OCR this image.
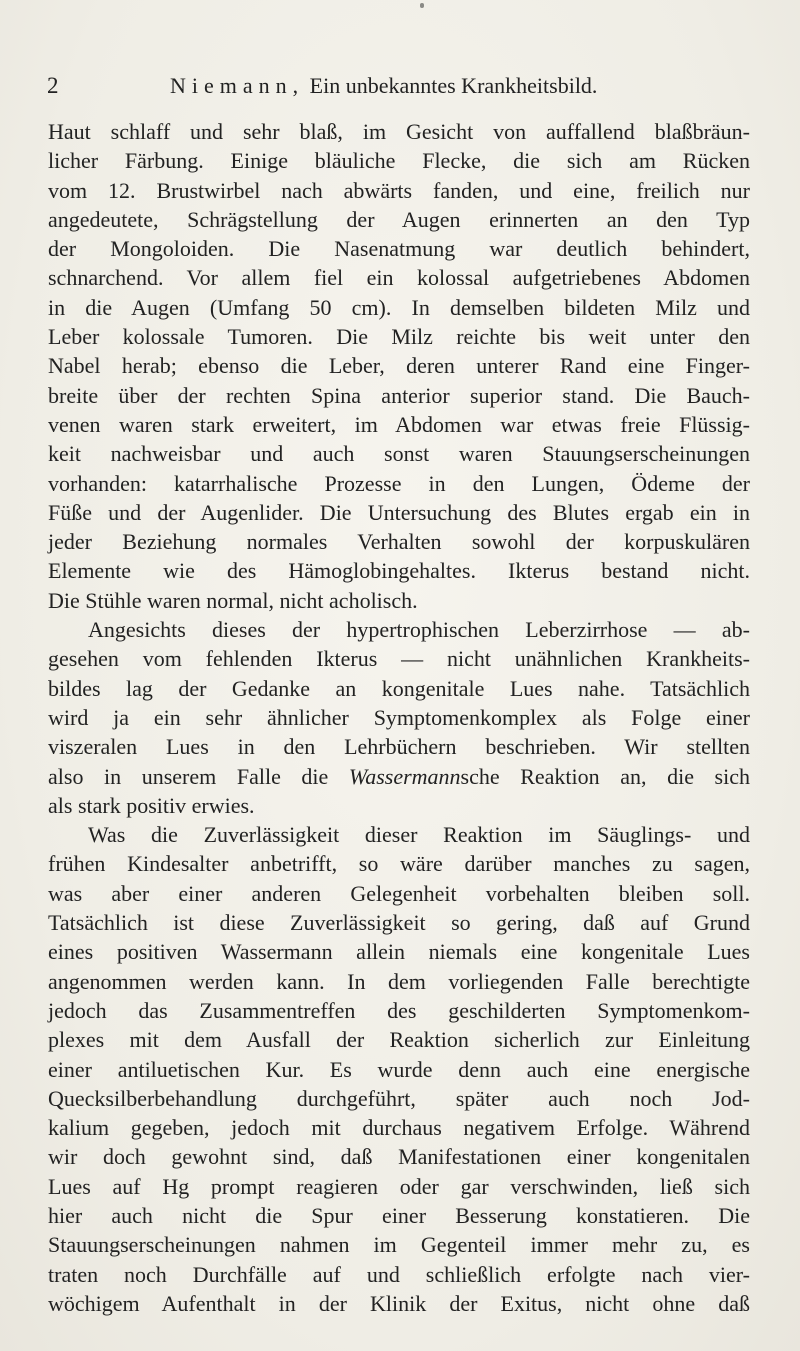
2	Niemann, Ein unbekanntes Krankheitsbild.
Haut schlaff und sehr blaß, im Gesicht von auffallend blaßbräun-
licher Färbung. Einige bläuliche Flecke, die sich am Rücken
vom 12. Brustwirbel nach abwärts fanden, und eine, freilich nur
angedeutete, Schrägstellung der Augen erinnerten an den Typ
der Mongoloiden. Die Nasenatmung war deutlich behindert,
schnarchend. Vor allem fiel ein kolossal aufgetriebenes Abdomen
in die Augen (Umfang 50 cm). In demselben bildeten Milz und
Leber kolossale Tumoren. Die Milz reichte bis weit unter den
Nabel herab; ebenso die Leber, deren unterer Rand eine Finger-
breite über der rechten Spina anterior superior stand. Die Bauch-
venen waren stark erweitert, im Abdomen war etwas freie Flüssig-
keit nachweisbar und auch sonst waren Stauungserscheinungen
vorhanden: katarrhalische Prozesse in den Lungen, Ödeme der
Füße und der Augenlider. Die Untersuchung des Blutes ergab ein in
jeder Beziehung normales Verhalten sowohl der korpuskulären
Elemente wie des Hämoglobingehaltes. Ikterus bestand nicht.
Die Stühle waren normal, nicht acholisch.
Angesichts dieses der hypertrophischen Leberzirrhose — ab-
gesehen vom fehlenden Ikterus — nicht unähnlichen Krankheits-
bildes lag der Gedanke an kongenitale Lues nahe. Tatsächlich
wird ja ein sehr ähnlicher Symptomenkomplex als Folge einer
viszeralen Lues in den Lehrbüchern beschrieben. Wir stellten
also in unserem Falle die Wassermannsche Reaktion an, die sich
als stark positiv erwies.
Was die Zuverlässigkeit dieser Reaktion im Säuglings- und
frühen Kindesalter anbetrifft, so wäre darüber manches zu sagen,
was aber einer anderen Gelegenheit vorbehalten bleiben soll.
Tatsächlich ist diese Zuverlässigkeit so gering, daß auf Grund
eines positiven Wassermann allein niemals eine kongenitale Lues
angenommen werden kann. In dem vorliegenden Falle berechtigte
jedoch das Zusammentreffen des geschilderten Symptomenkom-
plexes mit dem Ausfall der Reaktion sicherlich zur Einleitung
einer antiluetischen Kur. Es wurde denn auch eine energische
Quecksilberbehandlung durchgeführt, später auch noch Jod-
kalium gegeben, jedoch mit durchaus negativem Erfolge. Während
wir doch gewohnt sind, daß Manifestationen einer kongenitalen
Lues auf Hg prompt reagieren oder gar verschwinden, ließ sich
hier auch nicht die Spur einer Besserung konstatieren. Die
Stauungserscheinungen nahmen im Gegenteil immer mehr zu, es
traten noch Durchfälle auf und schließlich erfolgte nach vier-
wöchigem Aufenthalt in der Klinik der Exitus, nicht ohne daß
